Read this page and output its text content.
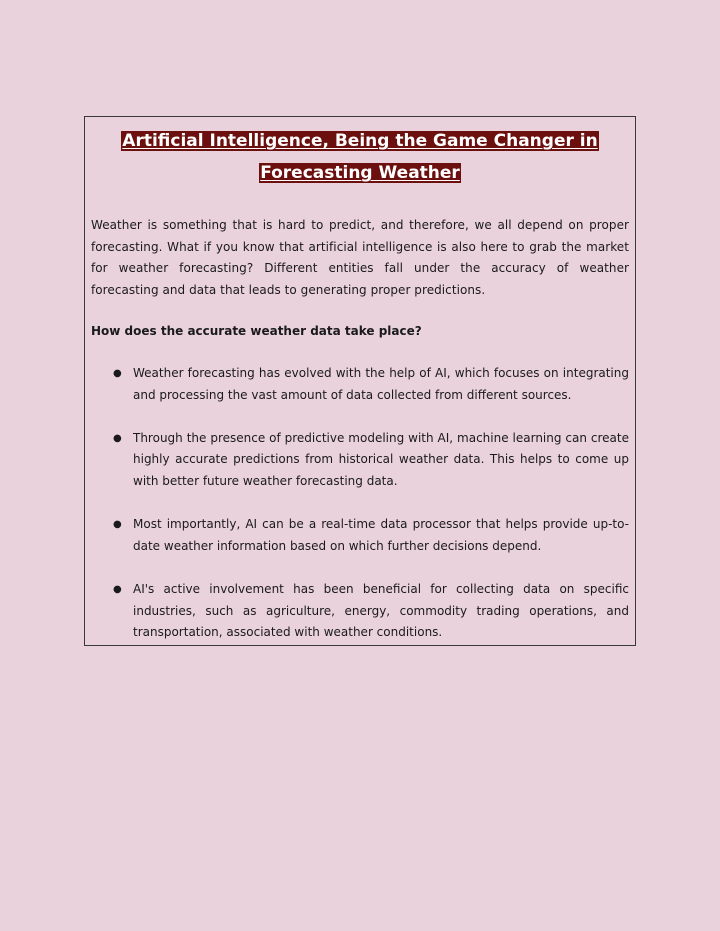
Artificial Intelligence, Being the Game Changer in
Forecasting Weather

Weather is something that is hard to predict, and therefore, we all depend on proper forecasting. What if you know that artificial intelligence is also here to grab the market for weather forecasting? Different entities fall under the accuracy of weather forecasting and data that leads to generating proper predictions.

How does the accurate weather data take place?

● Weather forecasting has evolved with the help of AI, which focuses on integrating and processing the vast amount of data collected from different sources.
● Through the presence of predictive modeling with AI, machine learning can create highly accurate predictions from historical weather data. This helps to come up with better future weather forecasting data.
● Most importantly, AI can be a real-time data processor that helps provide up-to-date weather information based on which further decisions depend.
● AI's active involvement has been beneficial for collecting data on specific industries, such as agriculture, energy, commodity trading operations, and transportation, associated with weather conditions.
